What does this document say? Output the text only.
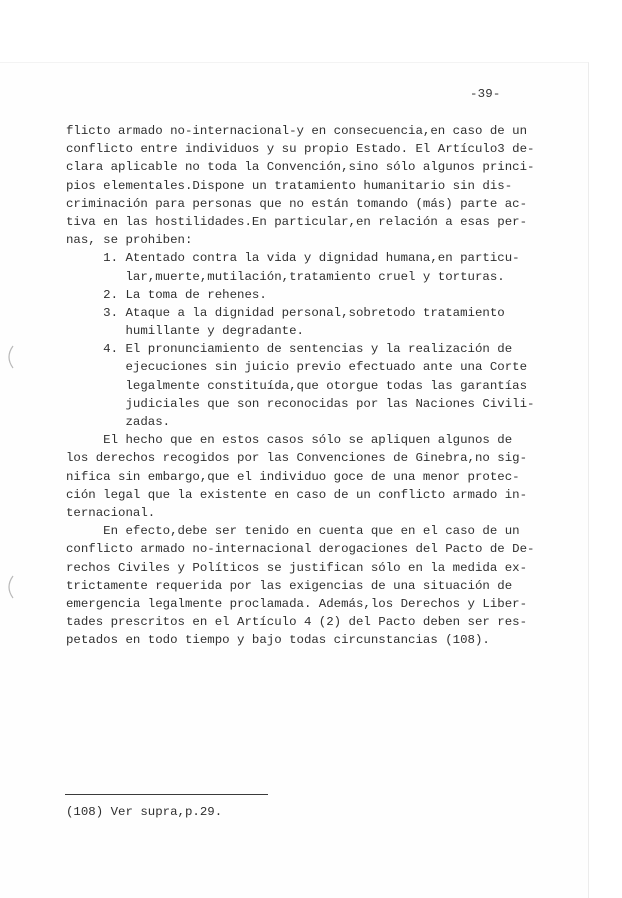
-39-
flicto armado no-internacional-y en consecuencia,en caso de un
conflicto entre individuos y su propio Estado. El Artículo3 de-
clara aplicable no toda la Convención,sino sólo algunos princi-
pios elementales.Dispone un tratamiento humanitario sin dis-
criminación para personas que no están tomando (más) parte ac-
tiva en las hostilidades.En particular,en relación a esas per-
nas, se prohiben:
1. Atentado contra la vida y dignidad humana,en particu-
lar,muerte,mutilación,tratamiento cruel y torturas.
2. La toma de rehenes.
3. Ataque a la dignidad personal,sobretodo tratamiento
humillante y degradante.
4. El pronunciamiento de sentencias y la realización de
ejecuciones sin juicio previo efectuado ante una Corte
legalmente constituída,que otorgue todas las garantías
judiciales que son reconocidas por las Naciones Civili-
zadas.
El hecho que en estos casos sólo se apliquen algunos de
los derechos recogidos por las Convenciones de Ginebra,no sig-
nifica sin embargo,que el individuo goce de una menor protec-
ción legal que la existente en caso de un conflicto armado in-
ternacional.
En efecto,debe ser tenido en cuenta que en el caso de un
conflicto armado no-internacional derogaciones del Pacto de De-
rechos Civiles y Políticos se justifican sólo en la medida ex-
trictamente requerida por las exigencias de una situación de
emergencia legalmente proclamada. Además,los Derechos y Liber-
tades prescritos en el Artículo 4 (2) del Pacto deben ser res-
petados en todo tiempo y bajo todas circunstancias (108).
(108) Ver supra,p.29.
